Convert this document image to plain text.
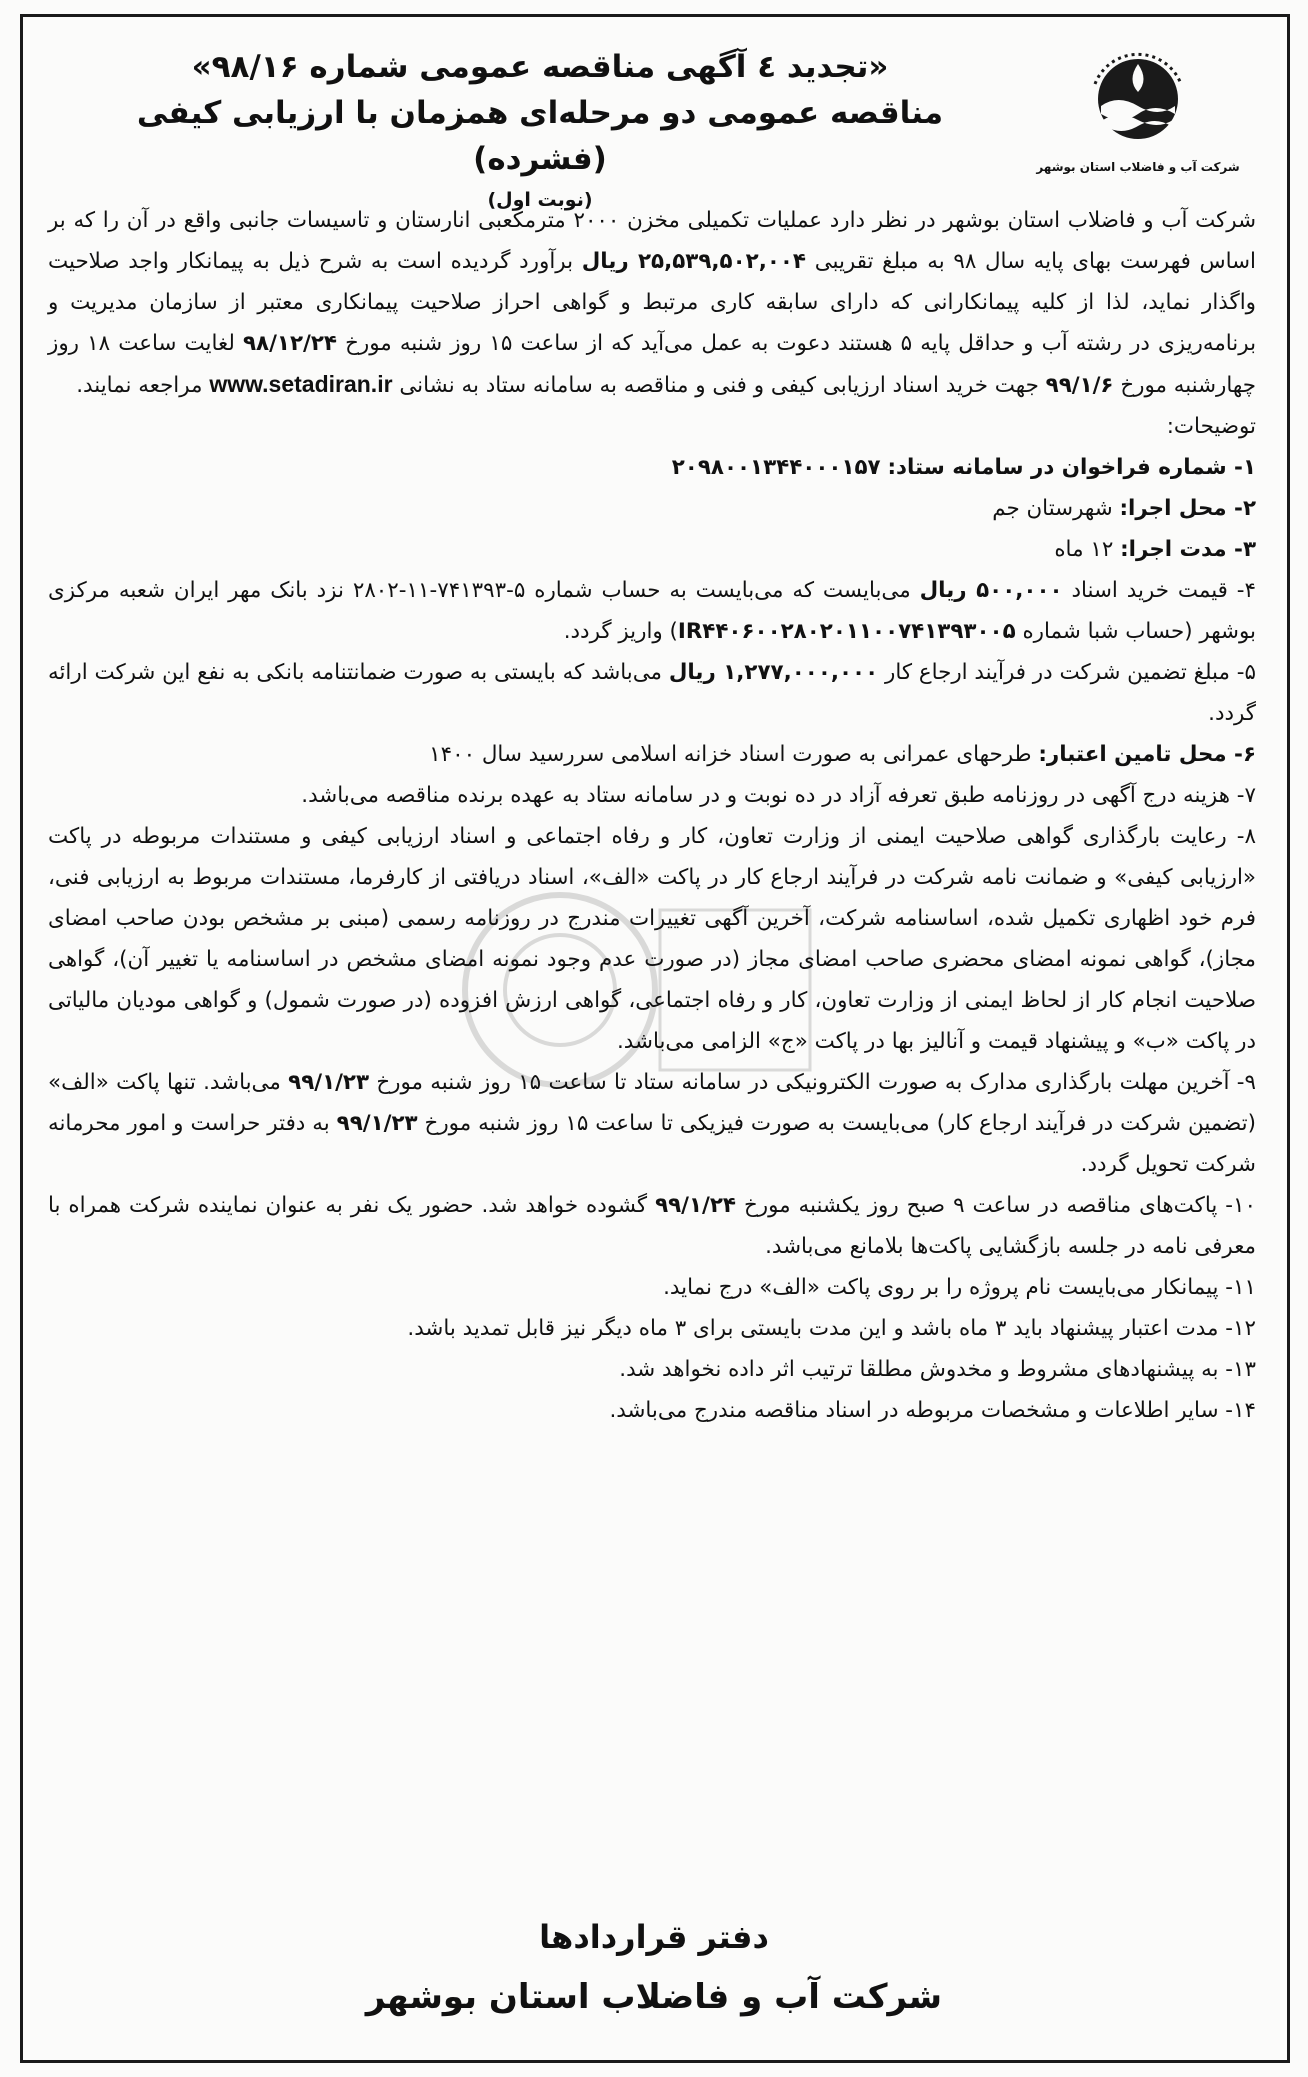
شرکت آب و فاضلاب استان بوشهر
«تجدید ٤ آگهی مناقصه عمومی شماره ۹۸/۱۶»
مناقصه عمومی دو مرحله‌ای همزمان با ارزیابی کیفی (فشرده)
(نوبت اول)

شرکت آب و فاضلاب استان بوشهر در نظر دارد عملیات تکمیلی مخزن ۲۰۰۰ مترمکعبی انارستان و تاسیسات جانبی واقع در آن را که بر اساس فهرست بهای پایه سال ۹۸ به مبلغ تقریبی ۲۵,۵۳۹,۵۰۲,۰۰۴ ریال برآورد گردیده است به شرح ذیل به پیمانکار واجد صلاحیت واگذار نماید، لذا از کلیه پیمانکارانی که دارای سابقه کاری مرتبط و گواهی احراز صلاحیت پیمانکاری معتبر از سازمان مدیریت و برنامه‌ریزی در رشته آب و حداقل پایه ۵ هستند دعوت به عمل می‌آید که از ساعت ۱۵ روز شنبه مورخ ۹۸/۱۲/۲۴ لغایت ساعت ۱۸ روز چهارشنبه مورخ ۹۹/۱/۶ جهت خرید اسناد ارزیابی کیفی و فنی و مناقصه به سامانه ستاد به نشانی www.setadiran.ir مراجعه نمایند.

توضیحات:

۱- شماره فراخوان در سامانه ستاد: ۲۰۹۸۰۰۱۳۴۴۰۰۰۱۵۷

۲- محل اجرا: شهرستان جم

۳- مدت اجرا: ۱۲ ماه

۴- قیمت خرید اسناد ۵۰۰,۰۰۰ ریال می‌بایست که می‌بایست به حساب شماره ۵-۷۴۱۳۹۳-۱۱-۲۸۰۲ نزد بانک مهر ایران شعبه مرکزی بوشهر (حساب شبا شماره IR۴۴۰۶۰۰۲۸۰۲۰۱۱۰۰۷۴۱۳۹۳۰۰۵) واریز گردد.

۵- مبلغ تضمین شرکت در فرآیند ارجاع کار ۱,۲۷۷,۰۰۰,۰۰۰ ریال می‌باشد که بایستی به صورت ضمانتنامه بانکی به نفع این شرکت ارائه گردد.

۶- محل تامین اعتبار: طرحهای عمرانی به صورت اسناد خزانه اسلامی سررسید سال ۱۴۰۰

۷- هزینه درج آگهی در روزنامه طبق تعرفه آزاد در ده نوبت و در سامانه ستاد به عهده برنده مناقصه می‌باشد.

۸- رعایت بارگذاری گواهی صلاحیت ایمنی از وزارت تعاون، کار و رفاه اجتماعی و اسناد ارزیابی کیفی و مستندات مربوطه در پاکت «ارزیابی کیفی» و ضمانت نامه شرکت در فرآیند ارجاع کار در پاکت «الف»، اسناد دریافتی از کارفرما، مستندات مربوط به ارزیابی فنی، فرم خود اظهاری تکمیل شده، اساسنامه شرکت، آخرین آگهی تغییرات مندرج در روزنامه رسمی (مبنی بر مشخص بودن صاحب امضای مجاز)، گواهی نمونه امضای محضری صاحب امضای مجاز (در صورت عدم وجود نمونه امضای مشخص در اساسنامه یا تغییر آن)، گواهی صلاحیت انجام کار از لحاظ ایمنی از وزارت تعاون، کار و رفاه اجتماعی، گواهی ارزش افزوده (در صورت شمول) و گواهی مودیان مالیاتی در پاکت «ب» و پیشنهاد قیمت و آنالیز بها در پاکت «ج» الزامی می‌باشد.

۹- آخرین مهلت بارگذاری مدارک به صورت الکترونیکی در سامانه ستاد تا ساعت ۱۵ روز شنبه مورخ ۹۹/۱/۲۳ می‌باشد. تنها پاکت «الف» (تضمین شرکت در فرآیند ارجاع کار) می‌بایست به صورت فیزیکی تا ساعت ۱۵ روز شنبه مورخ ۹۹/۱/۲۳ به دفتر حراست و امور محرمانه شرکت تحویل گردد.

۱۰- پاکت‌های مناقصه در ساعت ۹ صبح روز یکشنبه مورخ ۹۹/۱/۲۴ گشوده خواهد شد. حضور یک نفر به عنوان نماینده شرکت همراه با معرفی نامه در جلسه بازگشایی پاکت‌ها بلامانع می‌باشد.

۱۱- پیمانکار می‌بایست نام پروژه را بر روی پاکت «الف» درج نماید.

۱۲- مدت اعتبار پیشنهاد باید ۳ ماه باشد و این مدت بایستی برای ۳ ماه دیگر نیز قابل تمدید باشد.

۱۳- به پیشنهادهای مشروط و مخدوش مطلقا ترتیب اثر داده نخواهد شد.

۱۴- سایر اطلاعات و مشخصات مربوطه در اسناد مناقصه مندرج می‌باشد.

دفتر قراردادها
شرکت آب و فاضلاب استان بوشهر
